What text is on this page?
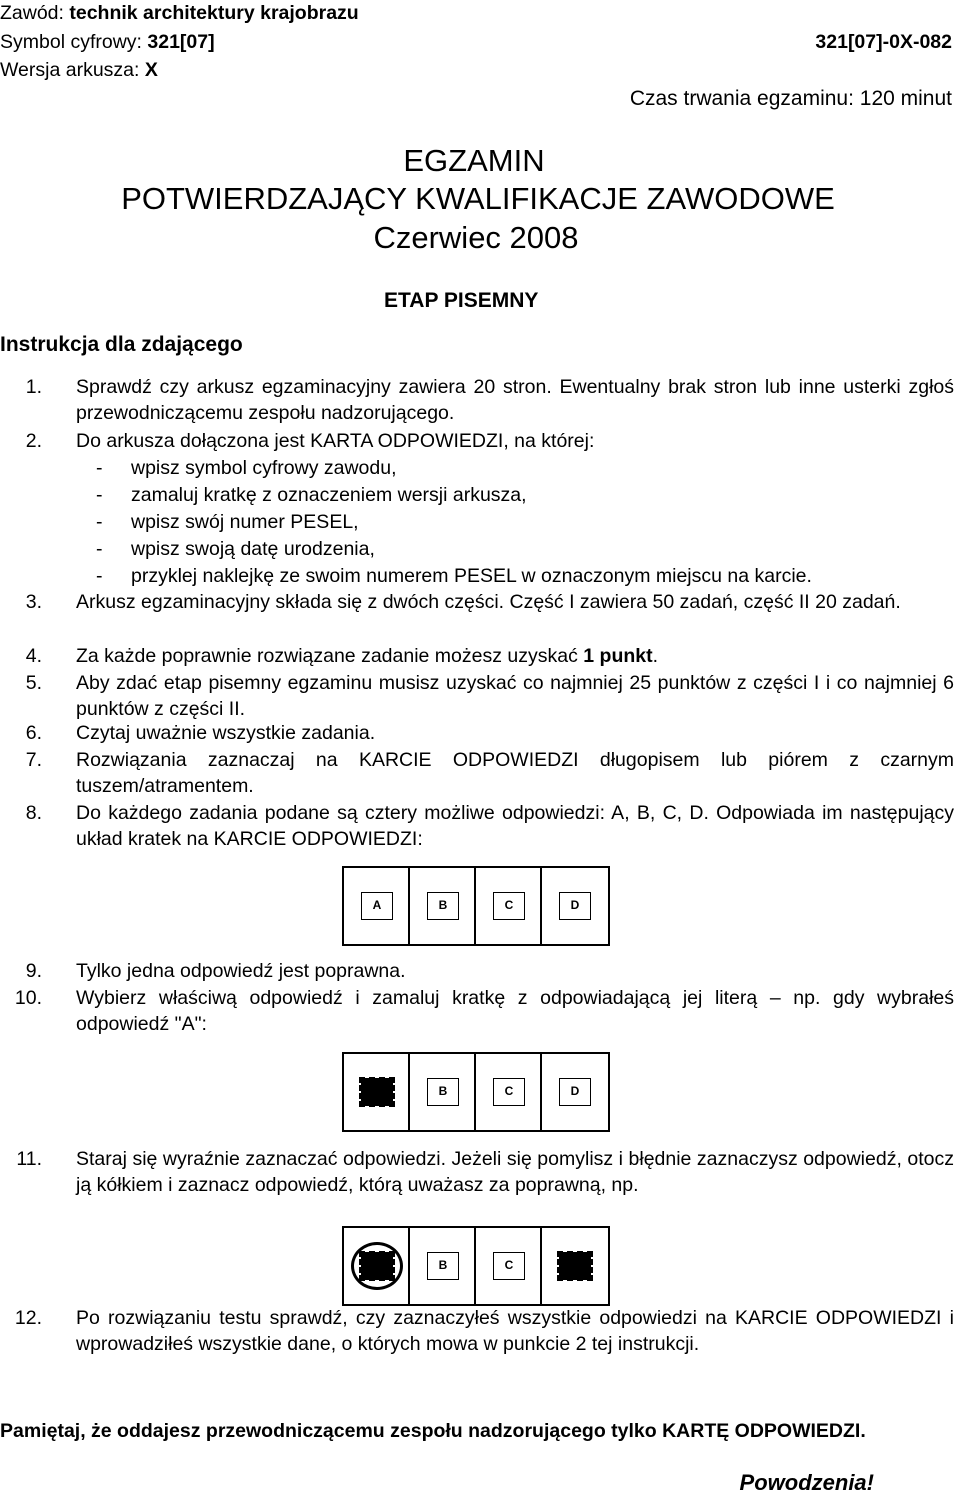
Zawód: technik architektury krajobrazu
Symbol cyfrowy: 321[07]	321[07]-0X-082
Wersja arkusza: X
Czas trwania egzaminu: 120 minut
EGZAMIN
POTWIERDZAJĄCY KWALIFIKACJE ZAWODOWE
Czerwiec 2008
ETAP PISEMNY
Instrukcja dla zdającego
1. Sprawdź czy arkusz egzaminacyjny zawiera 20 stron. Ewentualny brak stron lub inne usterki zgłoś przewodniczącemu zespołu nadzorującego.
2. Do arkusza dołączona jest KARTA ODPOWIEDZI, na której:
- wpisz symbol cyfrowy zawodu,
- zamaluj kratkę z oznaczeniem wersji arkusza,
- wpisz swój numer PESEL,
- wpisz swoją datę urodzenia,
- przyklej naklejkę ze swoim numerem PESEL w oznaczonym miejscu na karcie.
3. Arkusz egzaminacyjny składa się z dwóch części. Część I zawiera 50 zadań, część II 20 zadań.
4. Za każde poprawnie rozwiązane zadanie możesz uzyskać 1 punkt.
5. Aby zdać etap pisemny egzaminu musisz uzyskać co najmniej 25 punktów z części I i co najmniej 6 punktów z części II.
6. Czytaj uważnie wszystkie zadania.
7. Rozwiązania zaznaczaj na KARCIE ODPOWIEDZI długopisem lub piórem z czarnym tuszem/atramentem.
8. Do każdego zadania podane są cztery możliwe odpowiedzi: A, B, C, D. Odpowiada im następujący układ kratek na KARCIE ODPOWIEDZI:
A	B	C	D
9. Tylko jedna odpowiedź jest poprawna.
10. Wybierz właściwą odpowiedź i zamaluj kratkę z odpowiadającą jej literą – np. gdy wybrałeś odpowiedź "A":
B	C	D
11. Staraj się wyraźnie zaznaczać odpowiedzi. Jeżeli się pomylisz i błędnie zaznaczysz odpowiedź, otocz ją kółkiem i zaznacz odpowiedź, którą uważasz za poprawną, np.
B	C
12. Po rozwiązaniu testu sprawdź, czy zaznaczyłeś wszystkie odpowiedzi na KARCIE ODPOWIEDZI i wprowadziłeś wszystkie dane, o których mowa w punkcie 2 tej instrukcji.
Pamiętaj, że oddajesz przewodniczącemu zespołu nadzorującego tylko KARTĘ ODPOWIEDZI.
Powodzenia!
